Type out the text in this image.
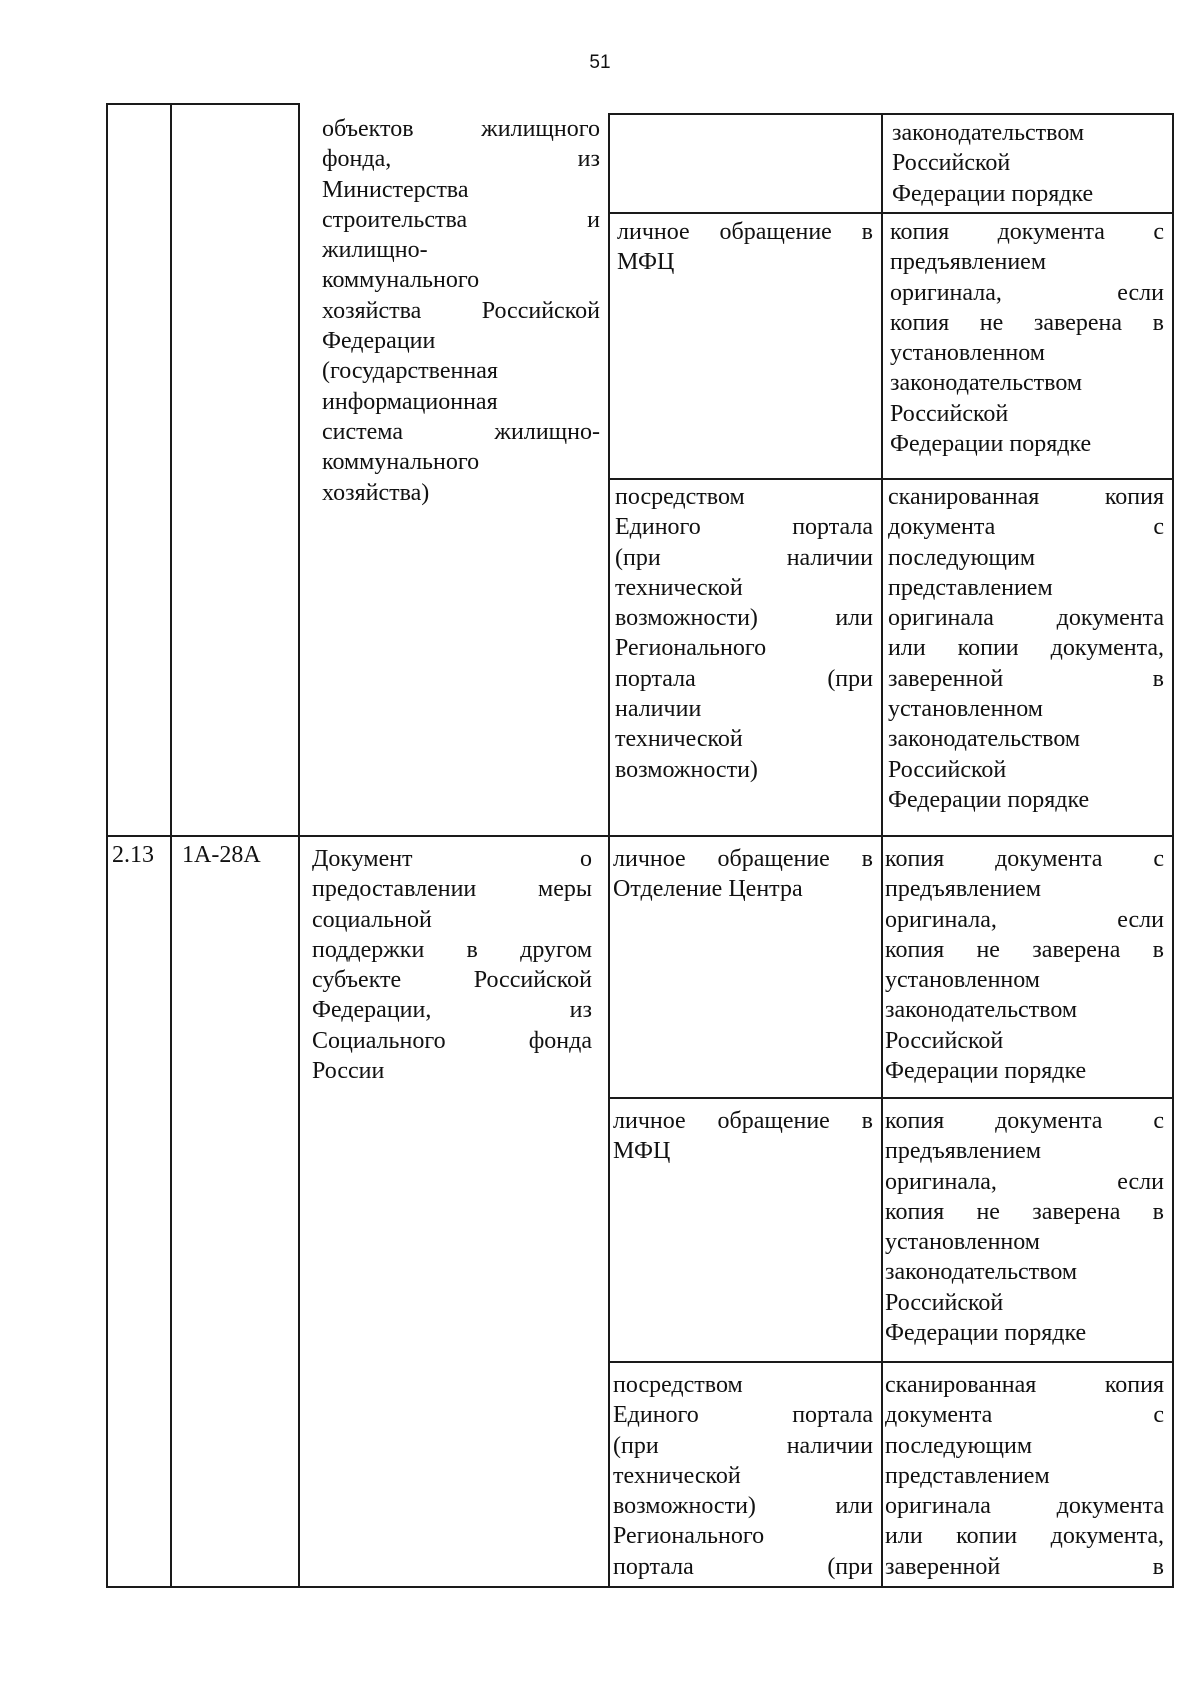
51
объектов жилищного
фонда, из
Министерства
строительства и
жилищно-
коммунального
хозяйства Российской
Федерации
(государственная
информационная
система жилищно-
коммунального
хозяйства)
законодательством
Российской
Федерации порядке
личное обращение в
МФЦ
копия документа с
предъявлением
оригинала, если
копия не заверена в
установленном
законодательством
Российской
Федерации порядке
посредством
Единого портала
(при наличии
технической
возможности) или
Регионального
портала (при
наличии
технической
возможности)
сканированная копия
документа с
последующим
представлением
оригинала документа
или копии документа,
заверенной в
установленном
законодательством
Российской
Федерации порядке
2.13	1А-28А	Документ о
предоставлении меры
социальной
поддержки в другом
субъекте Российской
Федерации, из
Социального фонда
России
личное обращение в
Отделение Центра
копия документа с
предъявлением
оригинала, если
копия не заверена в
установленном
законодательством
Российской
Федерации порядке
личное обращение в
МФЦ
копия документа с
предъявлением
оригинала, если
копия не заверена в
установленном
законодательством
Российской
Федерации порядке
посредством
Единого портала
(при наличии
технической
возможности) или
Регионального
портала (при
сканированная копия
документа с
последующим
представлением
оригинала документа
или копии документа,
заверенной в
